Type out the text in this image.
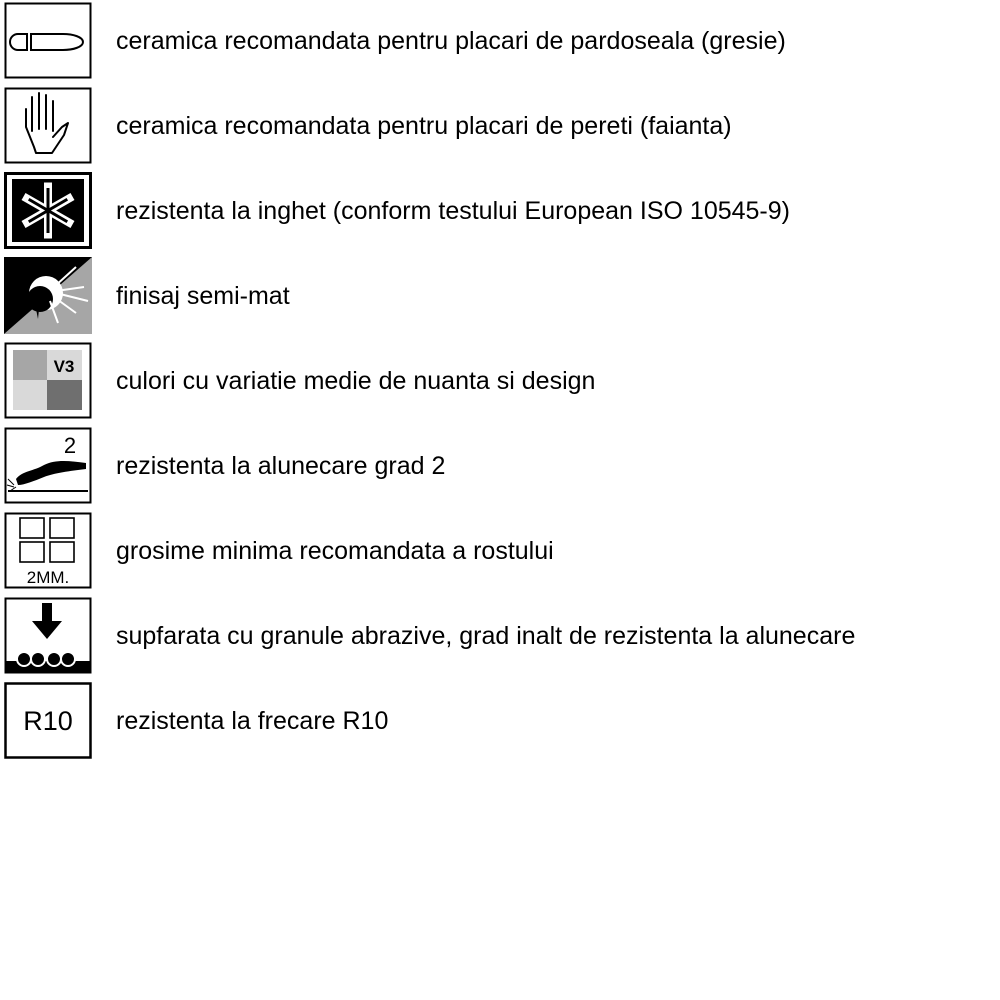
ceramica recomandata pentru placari de pardoseala (gresie)
ceramica recomandata pentru placari de pereti (faianta)
rezistenta la inghet (conform testului European ISO 10545-9)
finisaj semi-mat
V3
culori cu variatie medie de nuanta si design
2
rezistenta la alunecare grad 2
2MM.
grosime minima recomandata a rostului
supfarata cu granule abrazive, grad inalt de rezistenta la alunecare
R10 rezistenta la frecare R10
